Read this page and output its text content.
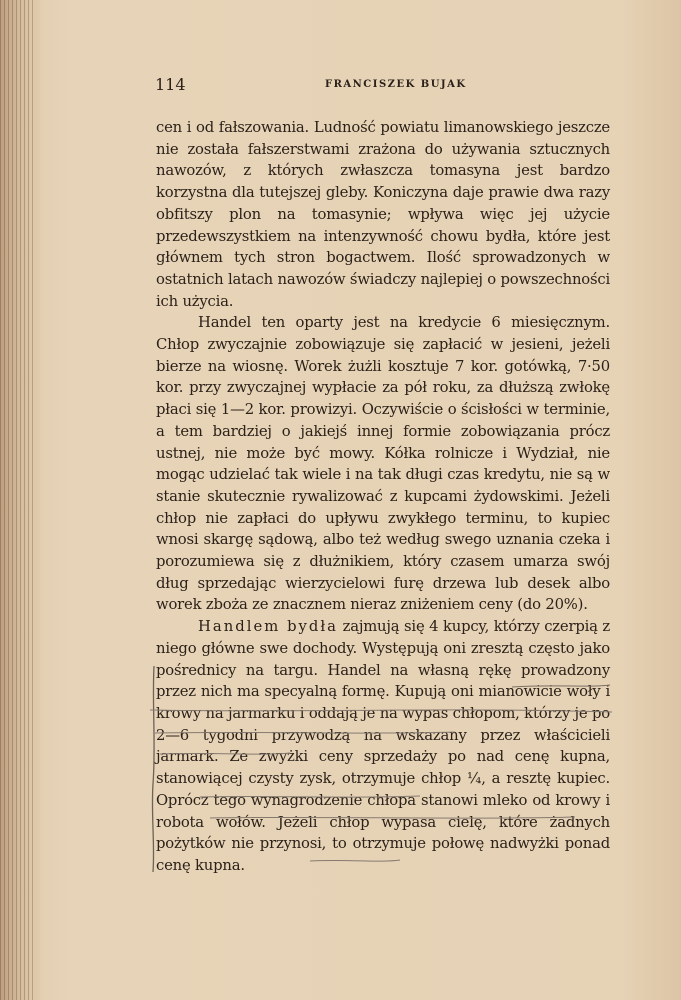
114	FRANCISZEK BUJAK

cen i od fałszowania. Ludność powiatu limanowskiego jeszcze nie została fałszerstwami zrażona do używania sztucznych nawozów, z których zwłaszcza tomasyna jest bardzo korzystna dla tutejszej gleby. Koniczyna daje prawie dwa razy obfitszy plon na tomasynie; wpływa więc jej użycie przedewszystkiem na intenzywność chowu bydła, które jest głównem tych stron bogactwem. Ilość sprowadzonych w ostatnich latach nawozów świadczy najlepiej o powszechności ich użycia.

Handel ten oparty jest na kredycie 6 miesięcznym. Chłop zwyczajnie zobowiązuje się zapłacić w jesieni, jeżeli bierze na wiosnę. Worek żużli kosztuje 7 kor. gotówką, 7·50 kor. przy zwyczajnej wypłacie za pół roku, za dłuższą zwłokę płaci się 1—2 kor. prowizyi. Oczywiście o ścisłości w terminie, a tem bardziej o jakiejś innej formie zobowiązania prócz ustnej, nie może być mowy. Kółka rolnicze i Wydział, nie mogąc udzielać tak wiele i na tak długi czas kredytu, nie są w stanie skutecznie rywalizować z kupcami żydowskimi. Jeżeli chłop nie zapłaci do upływu zwykłego terminu, to kupiec wnosi skargę sądową, albo też według swego uznania czeka i porozumiewa się z dłużnikiem, który czasem umarza swój dług sprzedając wierzycielowi furę drzewa lub desek albo worek zboża ze znacznem nieraz zniżeniem ceny (do 20%).

Handlem bydła zajmują się 4 kupcy, którzy czerpią z niego główne swe dochody. Występują oni zresztą często jako pośrednicy na targu. Handel na własną rękę prowadzony przez nich ma specyalną formę. Kupują oni mianowicie woły i krowy na jarmarku i oddają je na wypas chłopom, którzy je po 2—6 tygodni przywodzą na wskazany przez właścicieli jarmark. Ze zwyżki ceny sprzedaży po nad cenę kupna, stanowiącej czysty zysk, otrzymuje chłop ¼, a resztę kupiec. Oprócz tego wynagrodzenie chłopa stanowi mleko od krowy i robota wołów. Jeżeli chłop wypasa cielę, które żadnych pożytków nie przynosi, to otrzymuje połowę nadwyżki ponad cenę kupna.
